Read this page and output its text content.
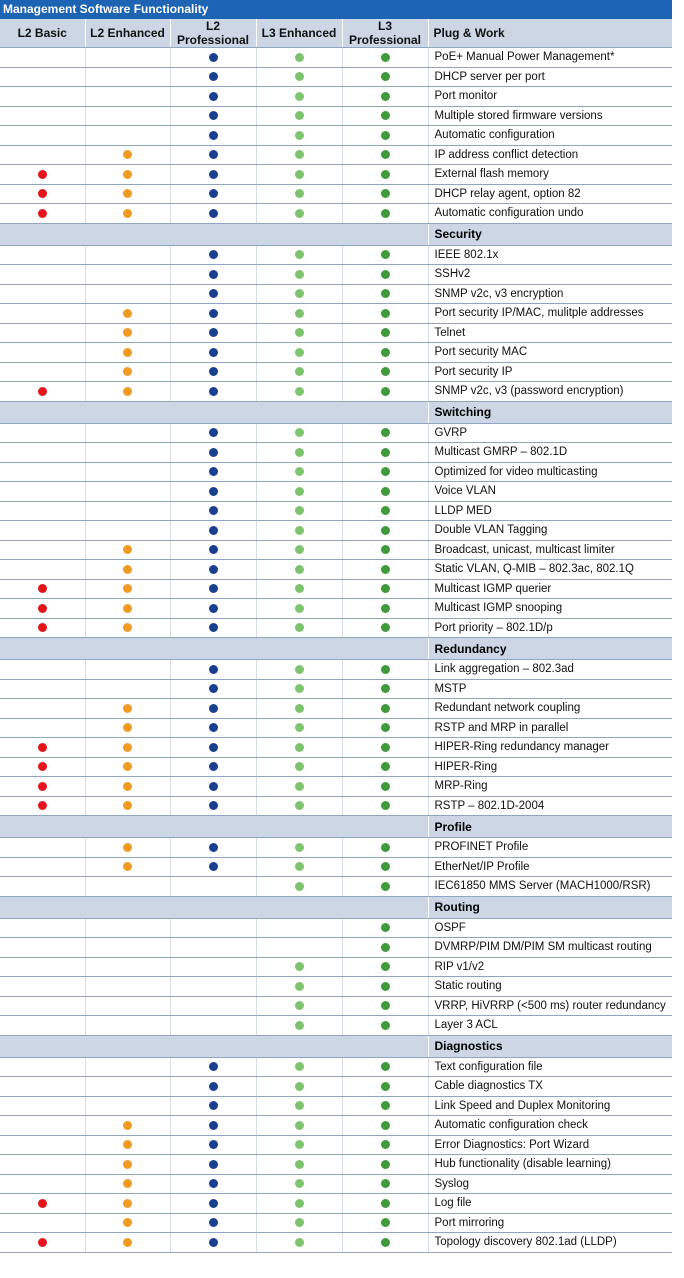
Management Software Functionality
L2 Basic	L2 Enhanced	L2 Professional	L3 Enhanced	L3 Professional	Plug & Work
					PoE+ Manual Power Management*
					DHCP server per port
					Port monitor
					Multiple stored firmware versions
					Automatic configuration
					IP address conflict detection
					External flash memory
					DHCP relay agent, option 82
					Automatic configuration undo
					Security
					IEEE 802.1x
					SSHv2
					SNMP v2c, v3 encryption
					Port security IP/MAC, mulitple addresses
					Telnet
					Port security MAC
					Port security IP
					SNMP v2c, v3 (password encryption)
					Switching
					GVRP
					Multicast GMRP – 802.1D
					Optimized for video multicasting
					Voice VLAN
					LLDP MED
					Double VLAN Tagging
					Broadcast, unicast, multicast limiter
					Static VLAN, Q-MIB – 802.3ac, 802.1Q
					Multicast IGMP querier
					Multicast IGMP snooping
					Port priority – 802.1D/p
					Redundancy
					Link aggregation – 802.3ad
					MSTP
					Redundant network coupling
					RSTP and MRP in parallel
					HIPER-Ring redundancy manager
					HIPER-Ring
					MRP-Ring
					RSTP – 802.1D-2004
					Profile
					PROFINET Profile
					EtherNet/IP Profile
					IEC61850 MMS Server (MACH1000/RSR)
					Routing
					OSPF
					DVMRP/PIM DM/PIM SM multicast routing
					RIP v1/v2
					Static routing
					VRRP, HiVRRP (<500 ms) router redundancy
					Layer 3 ACL
					Diagnostics
					Text configuration file
					Cable diagnostics TX
					Link Speed and Duplex Monitoring
					Automatic configuration check
					Error Diagnostics: Port Wizard
					Hub functionality (disable learning)
					Syslog
					Log file
					Port mirroring
					Topology discovery 802.1ad (LLDP)
